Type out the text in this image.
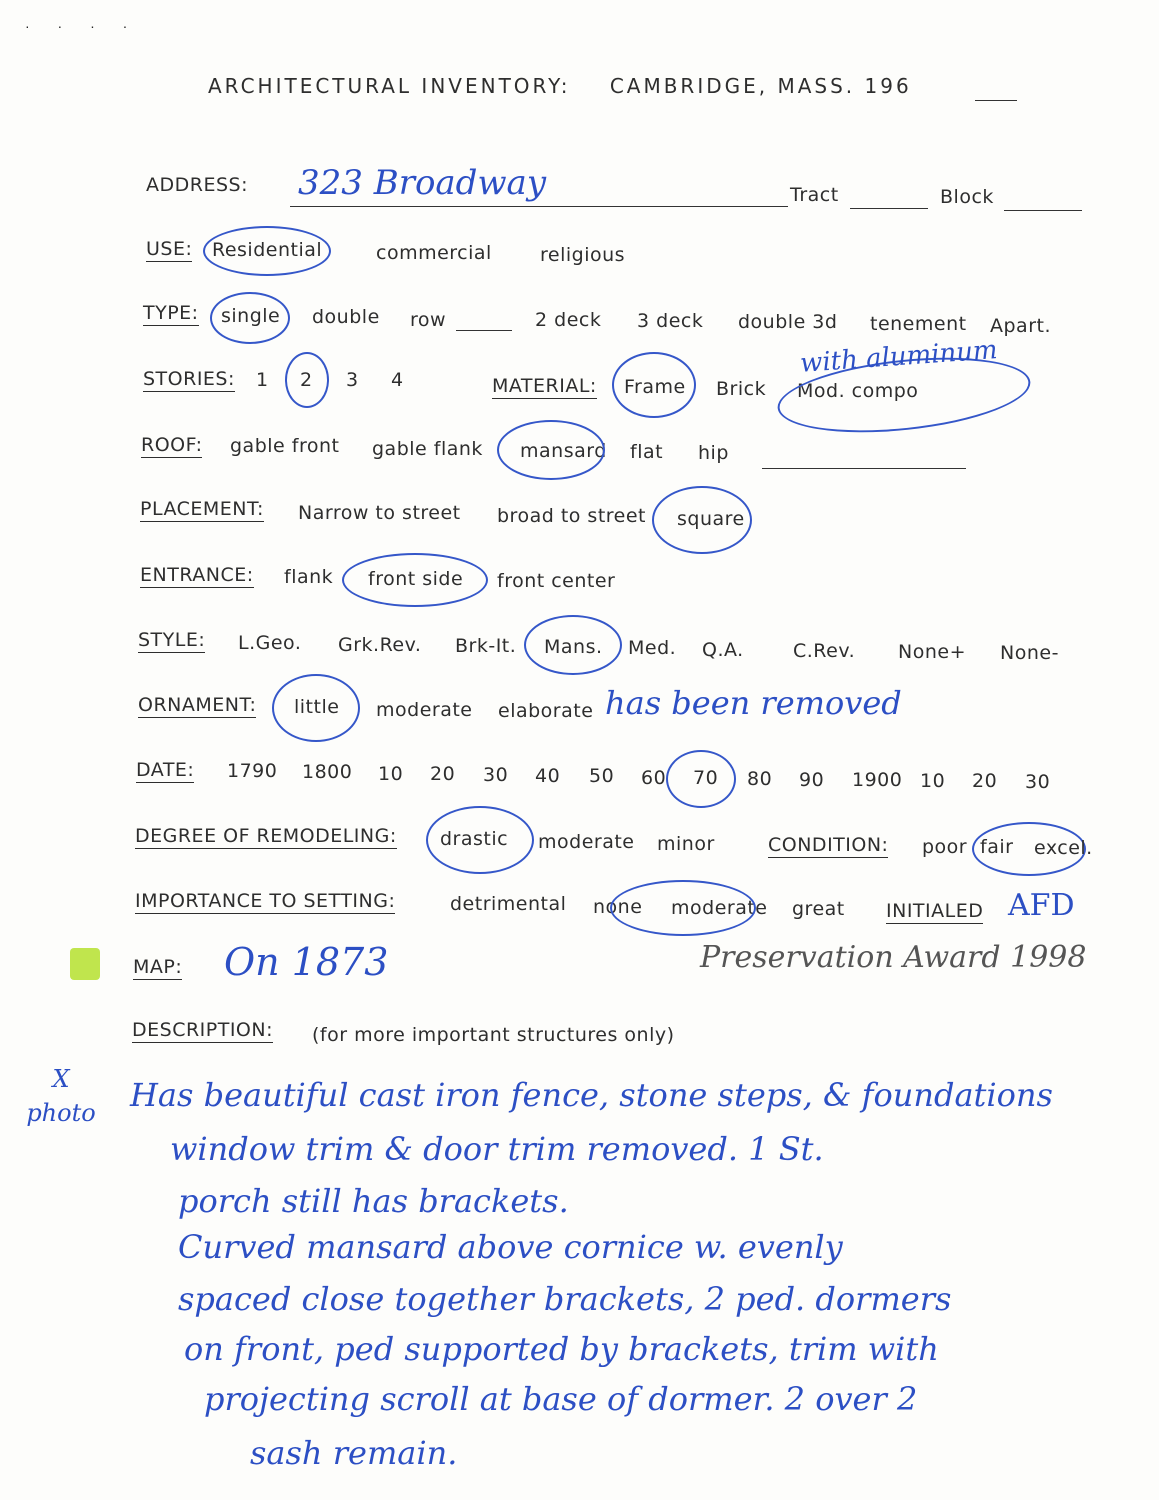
· · · ·
ARCHITECTURAL INVENTORY: CAMBRIDGE, MASS. 196
ADDRESS: 323 Broadway	Tract	Block
USE: Residential	commercial	religious
TYPE: single double row	2 deck 3 deck double 3d tenement Apart.
STORIES: 1 2 3 4	MATERIAL: Frame Brick Mod. compo
with aluminum
ROOF: gable front gable flank mansard flat hip
PLACEMENT: Narrow to street broad to street square
ENTRANCE: flank front side front center
STYLE: L.Geo. Grk.Rev. Brk-It. Mans. Med. Q.A.	C.Rev. None+ None-
ORNAMENT: little moderate elaborate has been removed
DATE: 1790 1800 10 20 30 40 50 60 70 80 90 1900 10 20 30
DEGREE OF REMODELING: drastic moderate minor	CONDITION: poor fair excel.
IMPORTANCE TO SETTING:	detrimental none moderate great INITIALED AFD
MAP: On 1873	Preservation Award 1998
DESCRIPTION: (for more important structures only)
X photo Has beautiful cast iron fence, stone steps, & foundations
window trim & door trim removed. 1 St.
porch still has brackets.
Curved mansard above cornice w. evenly
spaced close together brackets, 2 ped. dormers
on front, ped supported by brackets, trim with
projecting scroll at base of dormer. 2 over 2
sash remain.
